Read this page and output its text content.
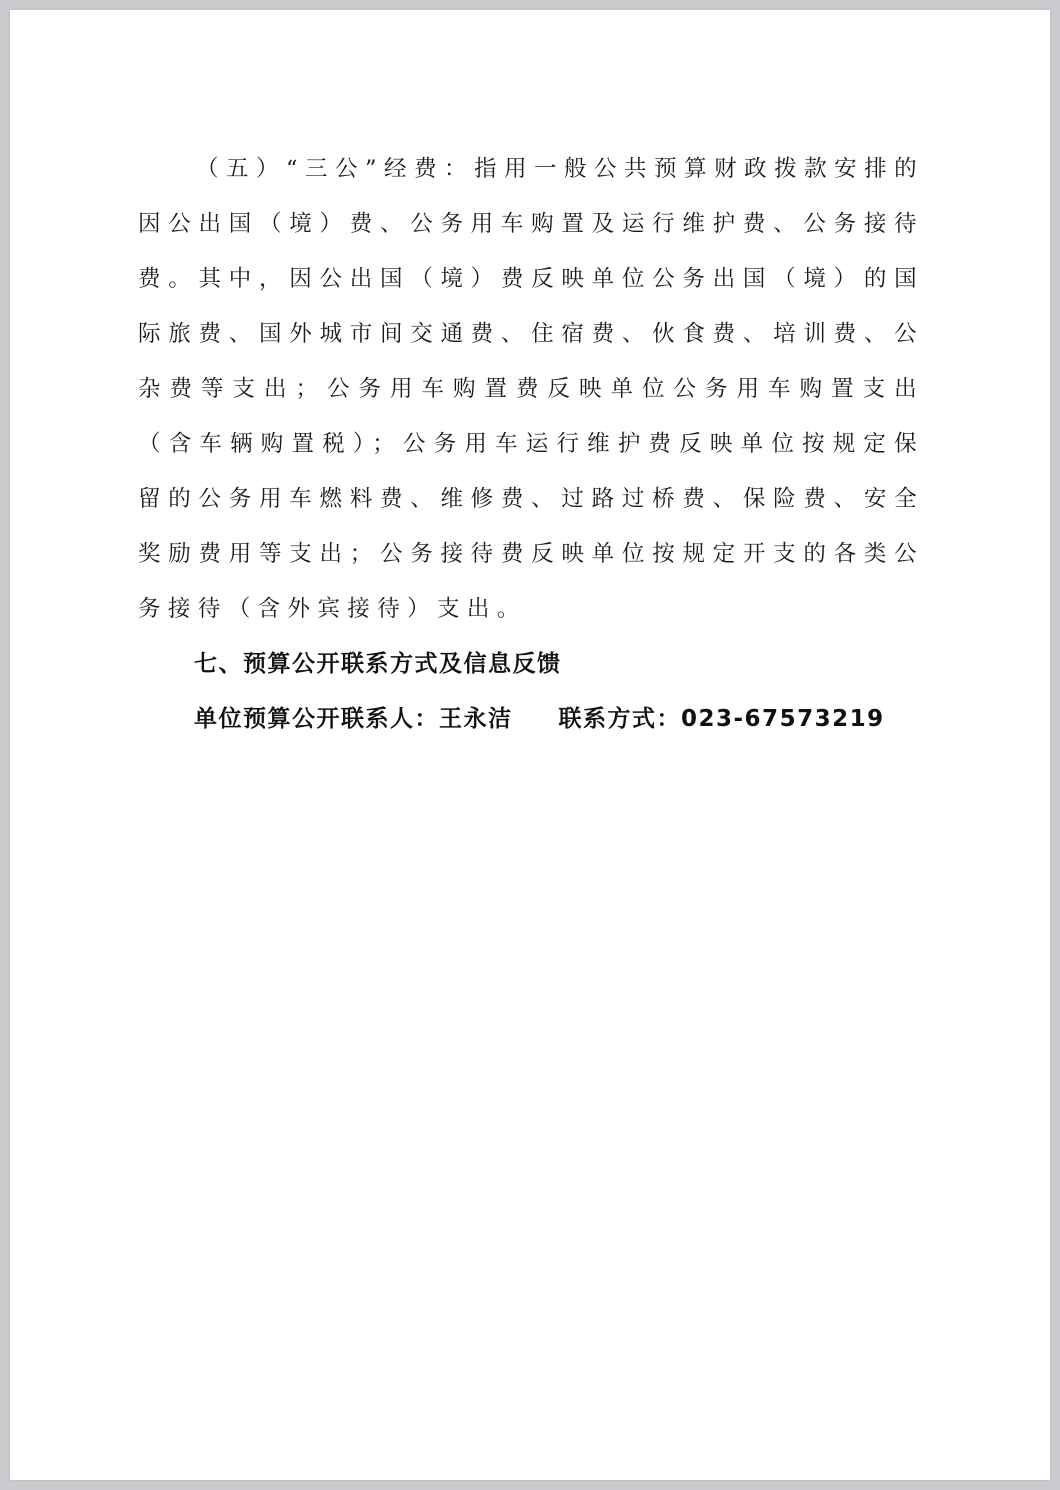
（五）“三公”经费：指用一般公共预算财政拨款安排的因公出国（境）费、公务用车购置及运行维护费、公务接待费。其中，因公出国（境）费反映单位公务出国（境）的国际旅费、国外城市间交通费、住宿费、伙食费、培训费、公杂费等支出；公务用车购置费反映单位公务用车购置支出（含车辆购置税）；公务用车运行维护费反映单位按规定保留的公务用车燃料费、维修费、过路过桥费、保险费、安全奖励费用等支出；公务接待费反映单位按规定开支的各类公务接待（含外宾接待）支出。

七、预算公开联系方式及信息反馈

单位预算公开联系人：王永洁 联系方式：023-67573219
